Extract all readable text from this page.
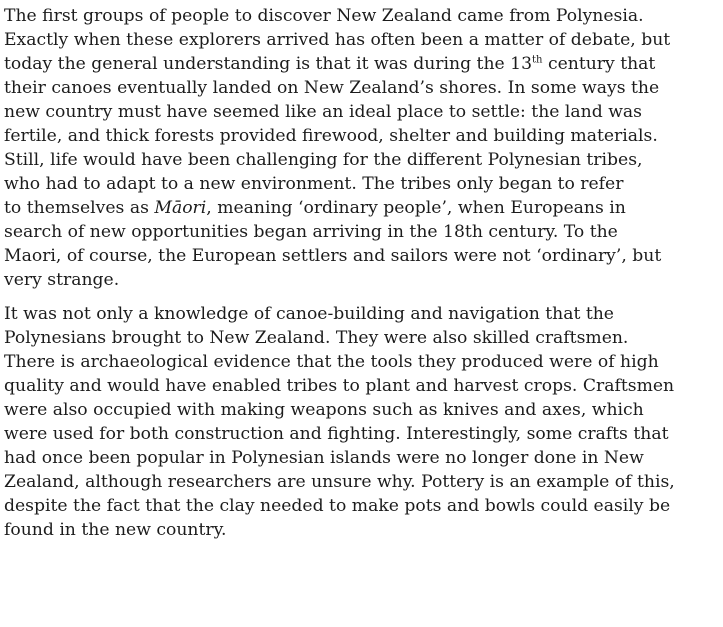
The first groups of people to discover New Zealand came from Polynesia.
Exactly when these explorers arrived has often been a matter of debate, but
today the general understanding is that it was during the 13th century that
their canoes eventually landed on New Zealand’s shores. In some ways the
new country must have seemed like an ideal place to settle: the land was
fertile, and thick forests provided firewood, shelter and building materials.
Still, life would have been challenging for the different Polynesian tribes,
who had to adapt to a new environment. The tribes only began to refer
to themselves as Māori, meaning ‘ordinary people’, when Europeans in
search of new opportunities began arriving in the 18th century. To the
Maori, of course, the European settlers and sailors were not ‘ordinary’, but
very strange.

It was not only a knowledge of canoe-building and navigation that the
Polynesians brought to New Zealand. They were also skilled craftsmen.
There is archaeological evidence that the tools they produced were of high
quality and would have enabled tribes to plant and harvest crops. Craftsmen
were also occupied with making weapons such as knives and axes, which
were used for both construction and fighting. Interestingly, some crafts that
had once been popular in Polynesian islands were no longer done in New
Zealand, although researchers are unsure why. Pottery is an example of this,
despite the fact that the clay needed to make pots and bowls could easily be
found in the new country.
